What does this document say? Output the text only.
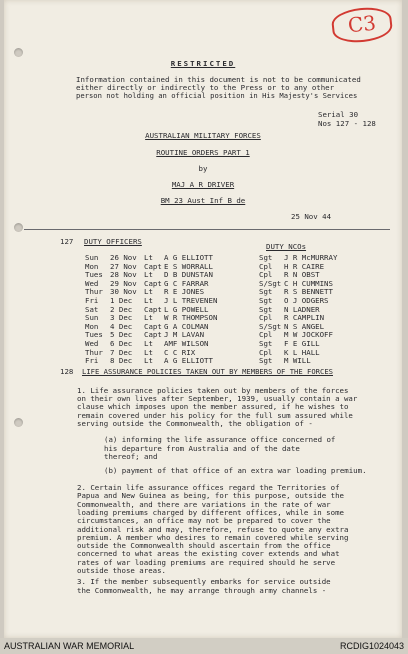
C3
RESTRICTED
Information contained in this document is not to be communicated
either directly or indirectly to the Press or to any other
person not holding an official position in His Majesty's Services
Serial 30
Nos 127 - 128
AUSTRALIAN MILITARY FORCES
ROUTINE ORDERS PART 1
by
MAJ A R DRIVER
BM 23 Aust Inf B de
25 Nov 44
127 DUTY OFFICERS
DUTY NCOs
Sun 26 Nov Lt A G ELLIOTT	Sgt J R McMURRAY
Mon 27 Nov Capt E S WORRALL	Cpl H R CAIRE
Tues 28 Nov Lt D B DUNSTAN	Cpl R N OBST
Wed 29 Nov Capt G C FARRAR	S/Sgt C H CUMMINS
Thur 30 Nov Lt R E JONES	Sgt R S BENNETT
Fri 1 Dec Lt J L TREVENEN	Sgt O J ODGERS
Sat 2 Dec Capt L G POWELL	Sgt N LADNER
Sun 3 Dec Lt W R THOMPSON	Cpl R CAMPLIN
Mon 4 Dec Capt G A COLMAN	S/Sgt N S ANGEL
Tues 5 Dec Capt J M LAVAN	Cpl M W JOCKOFF
Wed 6 Dec Lt AMF WILSON	Sgt F E GILL
Thur 7 Dec Lt C C RIX	Cpl K L HALL
Fri 8 Dec Lt A G ELLIOTT	Sgt M WILL
128 LIFE ASSURANCE POLICIES TAKEN OUT BY MEMBERS OF THE FORCES
1. Life assurance policies taken out by members of the forces
on their own lives after September, 1939, usually contain a war
clause which imposes upon the member assured, if he wishes to
remain covered under his policy for the full sum assured while
serving outside the Commonwealth, the obligation of -
(a) informing the life assurance office concerned of
his departure from Australia and of the date
thereof; and
(b) payment of that office of an extra war loading premium.
2. Certain life assurance offices regard the Territories of
Papua and New Guinea as being, for this purpose, outside the
Commonwealth, and there are variations in the rate of war
loading premiums charged by different offices, while in some
circumstances, an office may not be prepared to cover the
additional risk and may, therefore, refuse to quote any extra
premium. A member who desires to remain covered while serving
outside the Commonwealth should ascertain from the office
concerned to what areas the existing cover extends and what
rates of war loading premiums are required should he serve
outside those areas.
3. If the member subsequently embarks for service outside
the Commonwealth, he may arrange through army channels -
AUSTRALIAN WAR MEMORIAL	RCDIG1024043
